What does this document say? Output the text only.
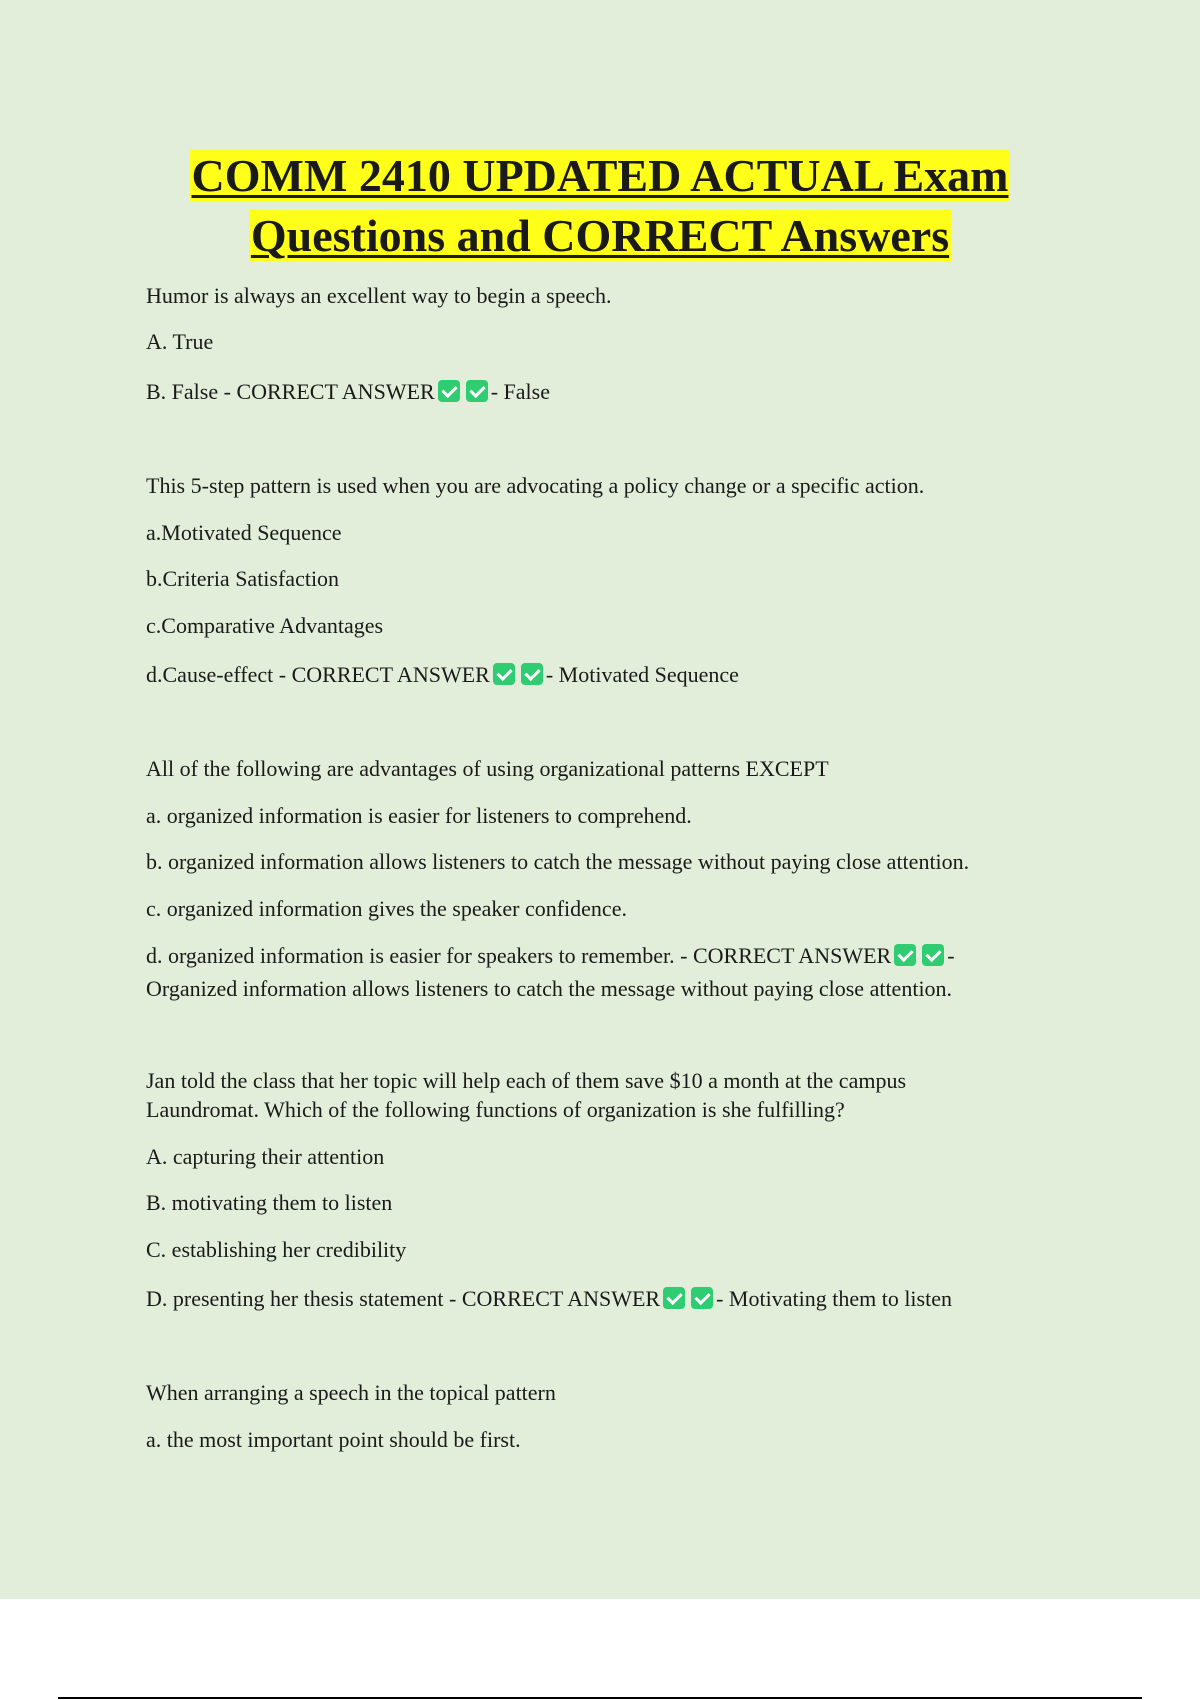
COMM 2410 UPDATED ACTUAL Exam
Questions and CORRECT Answers
Humor is always an excellent way to begin a speech.
A. True
B. False - CORRECT ANSWER	- False
This 5-step pattern is used when you are advocating a policy change or a specific action.
a.Motivated Sequence
b.Criteria Satisfaction
c.Comparative Advantages
d.Cause-effect - CORRECT ANSWER	- Motivated Sequence
All of the following are advantages of using organizational patterns EXCEPT
a. organized information is easier for listeners to comprehend.
b. organized information allows listeners to catch the message without paying close attention.
c. organized information gives the speaker confidence.
d. organized information is easier for speakers to remember. - CORRECT ANSWER	-
Organized information allows listeners to catch the message without paying close attention.
Jan told the class that her topic will help each of them save $10 a month at the campus
Laundromat. Which of the following functions of organization is she fulfilling?
A. capturing their attention
B. motivating them to listen
C. establishing her credibility
D. presenting her thesis statement - CORRECT ANSWER	- Motivating them to listen
When arranging a speech in the topical pattern
a. the most important point should be first.
